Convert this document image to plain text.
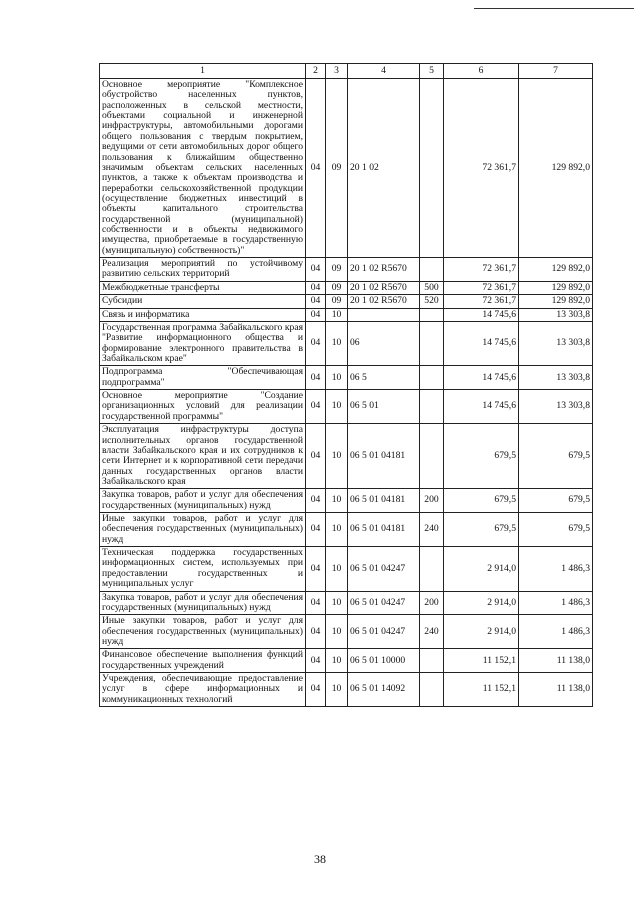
1	2	3	4	5	6	7
Основное мероприятие "Комплексное обустройство населенных пунктов, расположенных в сельской местности, объектами социальной и инженерной инфраструктуры, автомобильными дорогами общего пользования с твердым покрытием, ведущими от сети автомобильных дорог общего пользования к ближайшим общественно значимым объектам сельских населенных пунктов, а также к объектам производства и переработки сельскохозяйственной продукции (осуществление бюджетных инвестиций в объекты капитального строительства государственной (муниципальной) собственности и в объекты недвижимого имущества, приобретаемые в государственную (муниципальную) собственность)"	04	09	20 1 02		72 361,7	129 892,0
Реализация мероприятий по устойчивому развитию сельских территорий	04	09	20 1 02 R5670		72 361,7	129 892,0
Межбюджетные трансферты	04	09	20 1 02 R5670	500	72 361,7	129 892,0
Субсидии	04	09	20 1 02 R5670	520	72 361,7	129 892,0
Связь и информатика	04	10			14 745,6	13 303,8
Государственная программа Забайкальского края "Развитие информационного общества и формирование электронного правительства в Забайкальском крае"	04	10	06		14 745,6	13 303,8
Подпрограмма "Обеспечивающая подпрограмма"	04	10	06 5		14 745,6	13 303,8
Основное мероприятие "Создание организационных условий для реализации государственной программы"	04	10	06 5 01		14 745,6	13 303,8
Эксплуатация инфраструктуры доступа исполнительных органов государственной власти Забайкальского края и их сотрудников к сети Интернет и к корпоративной сети передачи данных государственных органов власти Забайкальского края	04	10	06 5 01 04181		679,5	679,5
Закупка товаров, работ и услуг для обеспечения государственных (муниципальных) нужд	04	10	06 5 01 04181	200	679,5	679,5
Иные закупки товаров, работ и услуг для обеспечения государственных (муниципальных) нужд	04	10	06 5 01 04181	240	679,5	679,5
Техническая поддержка государственных информационных систем, используемых при предоставлении государственных и муниципальных услуг	04	10	06 5 01 04247		2 914,0	1 486,3
Закупка товаров, работ и услуг для обеспечения государственных (муниципальных) нужд	04	10	06 5 01 04247	200	2 914,0	1 486,3
Иные закупки товаров, работ и услуг для обеспечения государственных (муниципальных) нужд	04	10	06 5 01 04247	240	2 914,0	1 486,3
Финансовое обеспечение выполнения функций государственных учреждений	04	10	06 5 01 10000		11 152,1	11 138,0
Учреждения, обеспечивающие предоставление услуг в сфере информационных и коммуникационных технологий	04	10	06 5 01 14092		11 152,1	11 138,0
38
